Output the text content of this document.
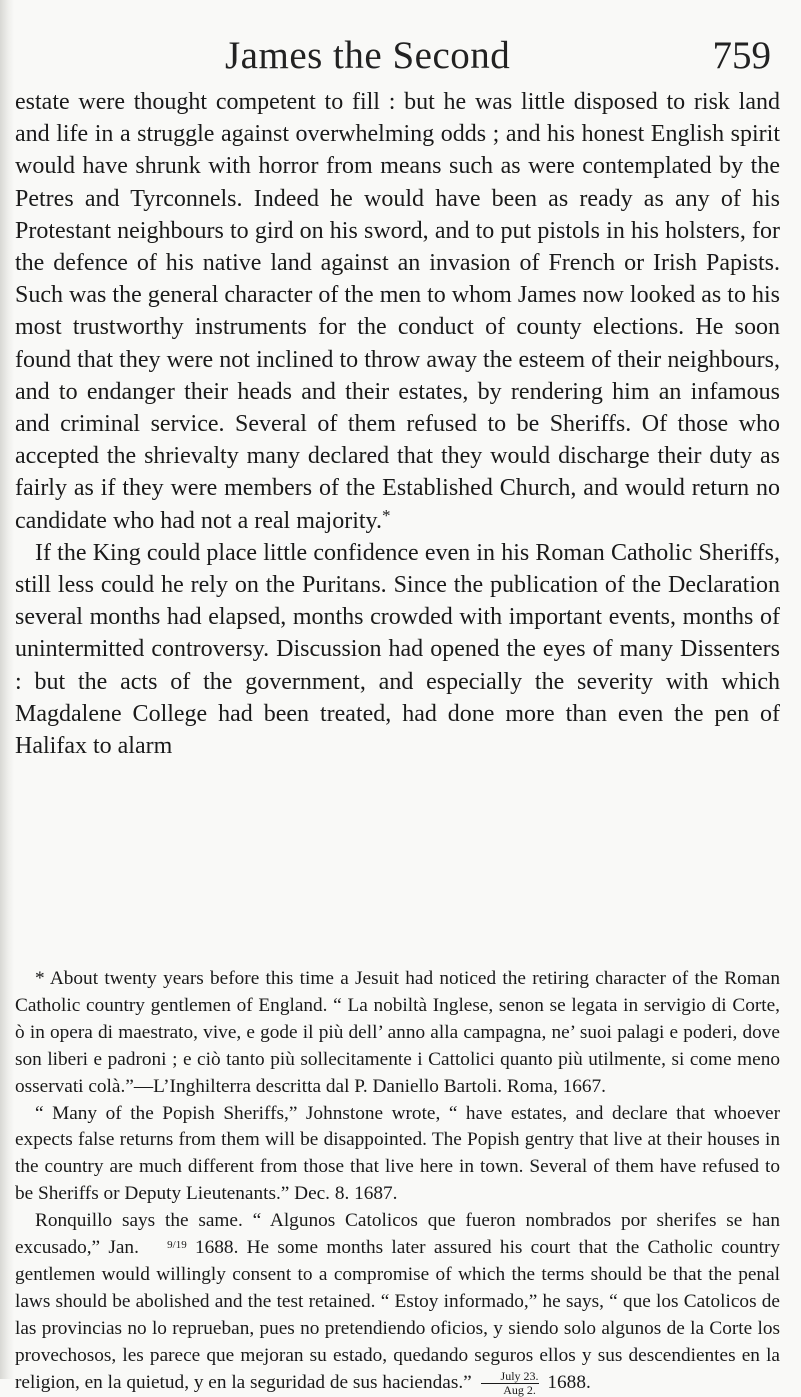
James the Second	759

estate were thought competent to fill : but he was little disposed to risk land and life in a struggle against overwhelming odds ; and his honest English spirit would have shrunk with horror from means such as were contemplated by the Petres and Tyrconnels. Indeed he would have been as ready as any of his Protestant neighbours to gird on his sword, and to put pistols in his holsters, for the defence of his native land against an invasion of French or Irish Papists. Such was the general character of the men to whom James now looked as to his most trustworthy instruments for the conduct of county elections. He soon found that they were not inclined to throw away the esteem of their neighbours, and to endanger their heads and their estates, by rendering him an infamous and criminal service. Several of them refused to be Sheriffs. Of those who accepted the shrievalty many declared that they would discharge their duty as fairly as if they were members of the Established Church, and would return no candidate who had not a real majority.*

If the King could place little confidence even in his Roman Catholic Sheriffs, still less could he rely on the Puritans. Since the publication of the Declaration several months had elapsed, months crowded with important events, months of unintermitted controversy. Discussion had opened the eyes of many Dissenters : but the acts of the government, and especially the severity with which Magdalene College had been treated, had done more than even the pen of Halifax to alarm

* About twenty years before this time a Jesuit had noticed the retiring character of the Roman Catholic country gentlemen of England. “ La nobiltà Inglese, senon se legata in servigio di Corte, ò in opera di maestrato, vive, e gode il più dell’ anno alla campagna, ne’ suoi palagi e poderi, dove son liberi e padroni ; e ciò tanto più sollecitamente i Cattolici quanto più utilmente, si come meno osservati colà.”—L’Inghilterra descritta dal P. Daniello Bartoli. Roma, 1667.

“ Many of the Popish Sheriffs,” Johnstone wrote, “ have estates, and declare that whoever expects false returns from them will be disappointed. The Popish gentry that live at their houses in the country are much different from those that live here in town. Several of them have refused to be Sheriffs or Deputy Lieutenants.” Dec. 8. 1687.

Ronquillo says the same. “ Algunos Catolicos que fueron nombrados por sherifes se han excusado,” Jan.	9/19 1688. He some months later assured his court that the Catholic country gentlemen would willingly consent to a compromise of which the terms should be that the penal laws should be abolished and the test retained. “ Estoy informado,” he says, “ que los Catolicos de las provincias no lo reprueban, pues no pretendiendo oficios, y siendo solo algunos de la Corte los provechosos, les parece que mejoran su estado, quedando seguros ellos y sus descendientes en la religion, en la quietud, y en la seguridad de sus haciendas.”	July 23.
Aug 2. 1688.
